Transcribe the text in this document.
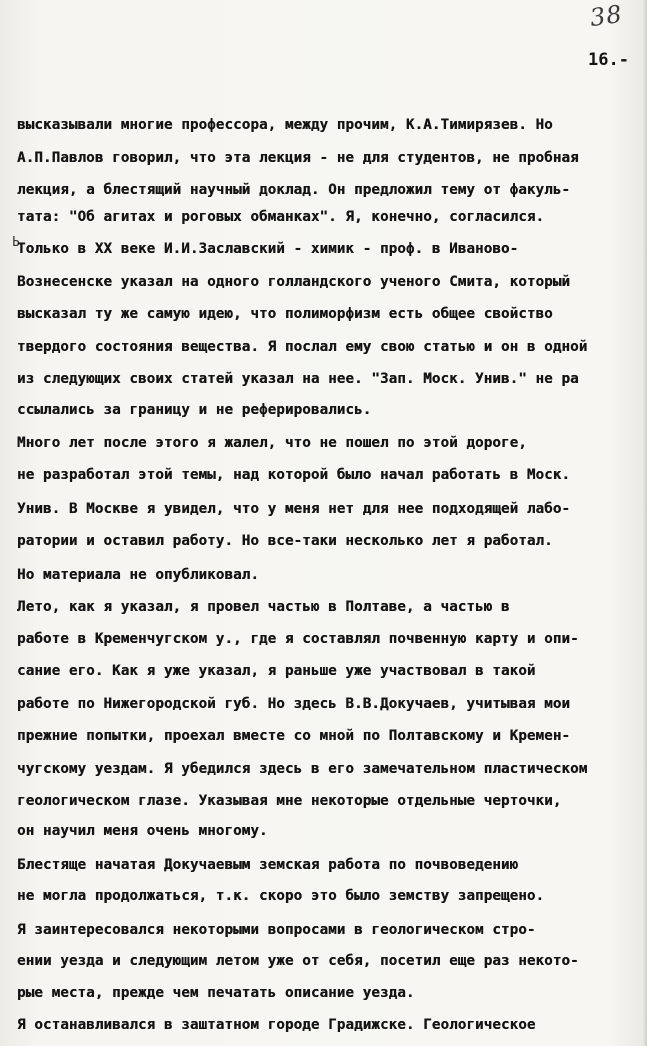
38
16.-
Ь
высказывали многие профессора, между прочим, К.А.Тимирязев. Но
А.П.Павлов говорил, что эта лекция - не для студентов, не пробная
лекция, а блестящий научный доклад. Он предложил тему от факуль-
тата: "Об агитах и роговых обманках". Я, конечно, согласился.
Только в XX веке И.И.Заславский - химик - проф. в Иваново-
Вознесенске указал на одного голландского ученого Смита, который
высказал ту же самую идею, что полиморфизм есть общее свойство
твердого состояния вещества. Я послал ему свою статью и он в одной
из следующих своих статей указал на нее. "Зап. Моск. Унив." не ра
ссылались за границу и не реферировались.
Много лет после этого я жалел, что не пошел по этой дороге,
не разработал этой темы, над которой было начал работать в Моск.
Унив. В Москве я увидел, что у меня нет для нее подходящей лабо-
ратории и оставил работу. Но все-таки несколько лет я работал.
Но материала не опубликовал.
Лето, как я указал, я провел частью в Полтаве, а частью в
работе в Кременчугском у., где я составлял почвенную карту и опи-
сание его. Как я уже указал, я раньше уже участвовал в такой
работе по Нижегородской губ. Но здесь В.В.Докучаев, учитывая мои
прежние попытки, проехал вместе со мной по Полтавскому и Кремен-
чугскому уездам. Я убедился здесь в его замечательном пластическом
геологическом глазе. Указывая мне некоторые отдельные черточки,
он научил меня очень многому.
Блестяще начатая Докучаевым земская работа по почвоведению
не могла продолжаться, т.к. скоро это было земству запрещено.
Я заинтересовался некоторыми вопросами в геологическом стро-
ении уезда и следующим летом уже от себя, посетил еще раз некото-
рые места, прежде чем печатать описание уезда.
Я останавливался в заштатном городе Градижске. Геологическое
